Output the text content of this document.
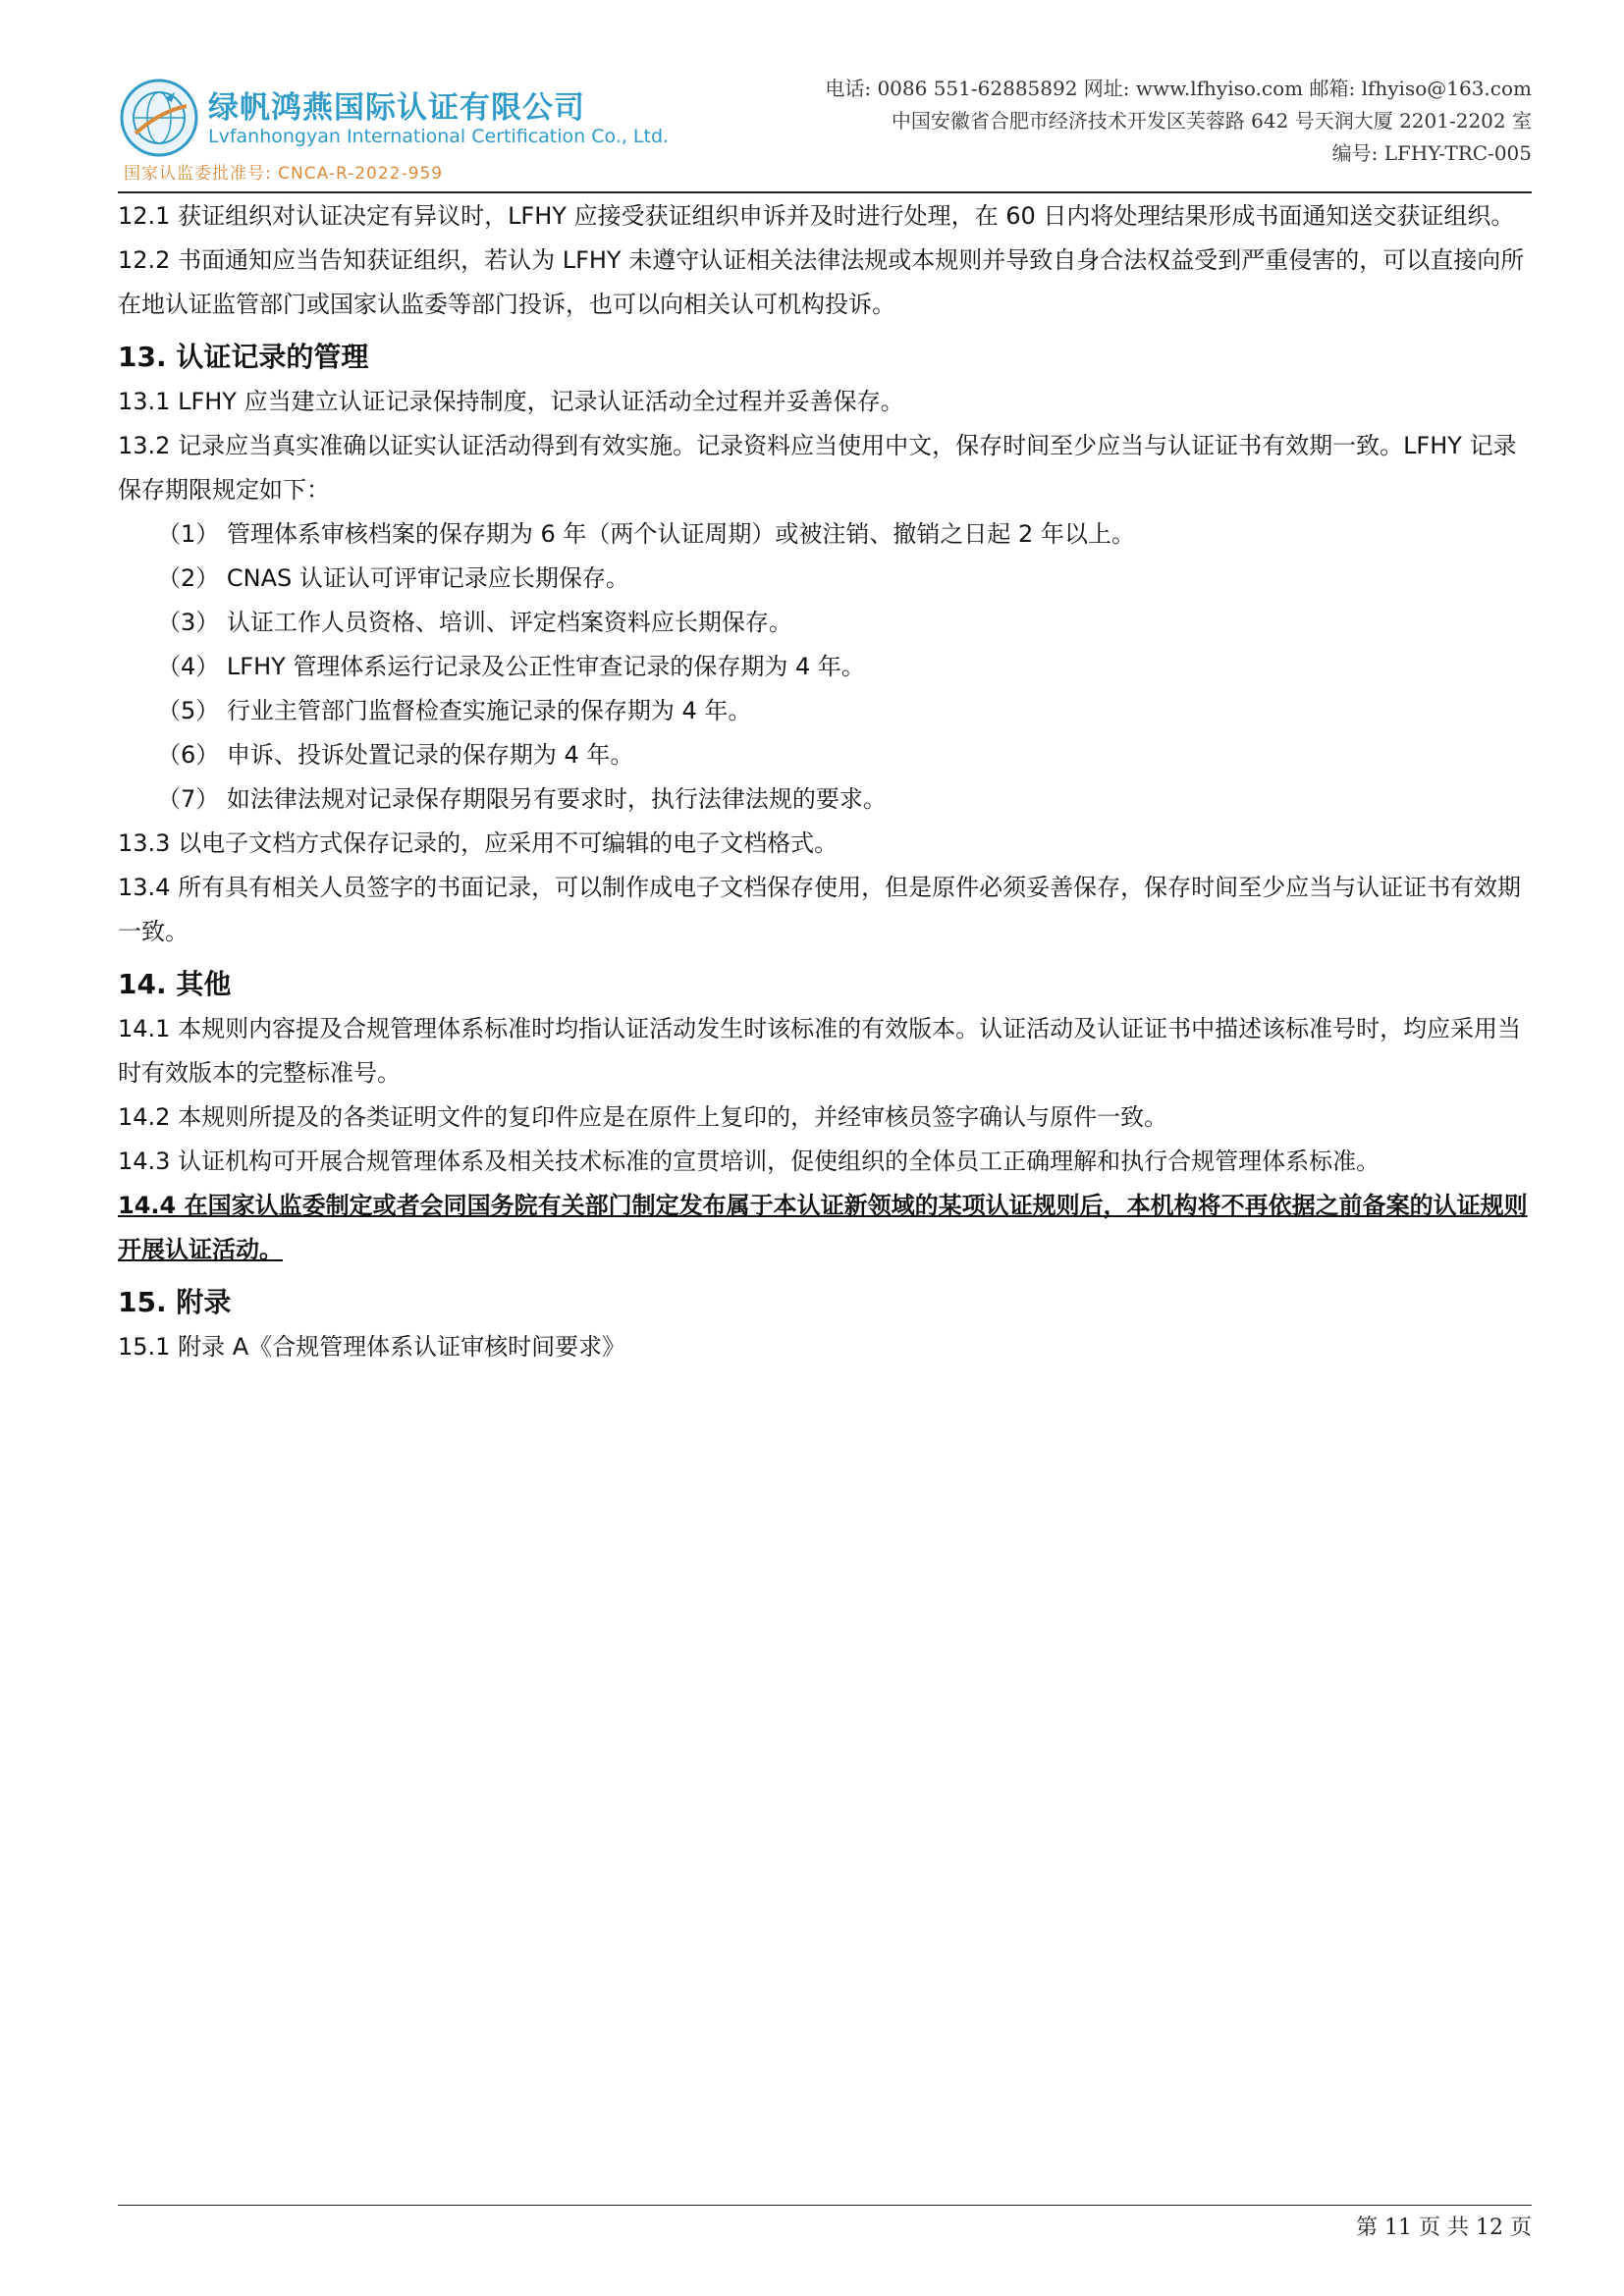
绿帆鸿燕国际认证有限公司
Lvfanhongyan International Certification Co., Ltd.
国家认监委批准号: CNCA-R-2022-959
电话: 0086 551-62885892 网址: www.lfhyiso.com 邮箱: lfhyiso@163.com
中国安徽省合肥市经济技术开发区芙蓉路 642 号天润大厦 2201-2202 室
编号: LFHY-TRC-005

12.1 获证组织对认证决定有异议时，LFHY 应接受获证组织申诉并及时进行处理，在 60 日内将处理结果形成书面通知送交获证组织。

12.2 书面通知应当告知获证组织，若认为 LFHY 未遵守认证相关法律法规或本规则并导致自身合法权益受到严重侵害的，可以直接向所在地认证监管部门或国家认监委等部门投诉，也可以向相关认可机构投诉。

13. 认证记录的管理

13.1 LFHY 应当建立认证记录保持制度，记录认证活动全过程并妥善保存。

13.2 记录应当真实准确以证实认证活动得到有效实施。记录资料应当使用中文，保存时间至少应当与认证证书有效期一致。LFHY 记录保存期限规定如下：

（1） 管理体系审核档案的保存期为 6 年（两个认证周期）或被注销、撤销之日起 2 年以上。

（2） CNAS 认证认可评审记录应长期保存。

（3） 认证工作人员资格、培训、评定档案资料应长期保存。

（4） LFHY 管理体系运行记录及公正性审查记录的保存期为 4 年。

（5） 行业主管部门监督检查实施记录的保存期为 4 年。

（6） 申诉、投诉处置记录的保存期为 4 年。

（7） 如法律法规对记录保存期限另有要求时，执行法律法规的要求。

13.3 以电子文档方式保存记录的，应采用不可编辑的电子文档格式。

13.4 所有具有相关人员签字的书面记录，可以制作成电子文档保存使用，但是原件必须妥善保存，保存时间至少应当与认证证书有效期一致。

14. 其他

14.1 本规则内容提及合规管理体系标准时均指认证活动发生时该标准的有效版本。认证活动及认证证书中描述该标准号时，均应采用当时有效版本的完整标准号。

14.2 本规则所提及的各类证明文件的复印件应是在原件上复印的，并经审核员签字确认与原件一致。

14.3 认证机构可开展合规管理体系及相关技术标准的宣贯培训，促使组织的全体员工正确理解和执行合规管理体系标准。

14.4 在国家认监委制定或者会同国务院有关部门制定发布属于本认证新领域的某项认证规则后，本机构将不再依据之前备案的认证规则开展认证活动。

15. 附录

15.1 附录 A《合规管理体系认证审核时间要求》

第 11 页 共 12 页
